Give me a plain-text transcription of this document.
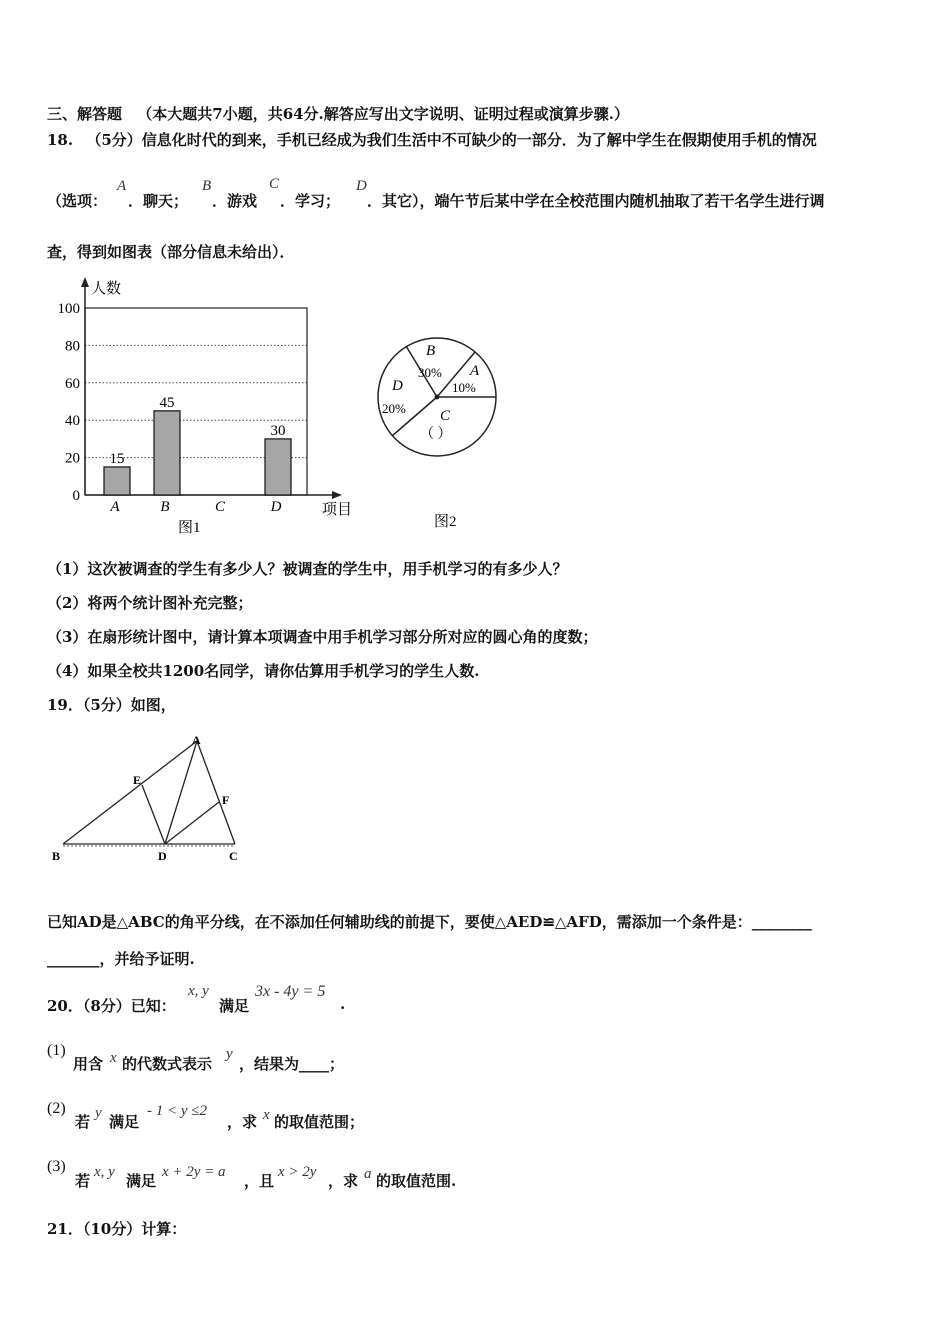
三、解答题 （本大题共7小题，共64分.解答应写出文字说明、证明过程或演算步骤.）
18. （5分）信息化时代的到来，手机已经成为我们生活中不可缺少的一部分．为了解中学生在假期使用手机的情况
（选项：
A
．聊天；
B
．游戏
C
．学习；
D
．其它），端午节后某中学在全校范围内随机抽取了若干名学生进行调
查，得到如图表（部分信息未给出）．
0
20
40
60
80
100
15
45
30
A	B	C	D
人数
项目
图1
B
30% A
10%
D
20% C
（ ）
图2
（1）这次被调查的学生有多少人？被调查的学生中，用手机学习的有多少人？
（2）将两个统计图补充完整；
（3）在扇形统计图中，请计算本项调查中用手机学习部分所对应的圆心角的度数；
（4）如果全校共1200名同学，请你估算用手机学习的学生人数.
19．（5分）如图，
A
E
F
B	D	C
已知AD是△ABC的角平分线，在不添加任何辅助线的前提下，要使△AED≌△AFD，需添加一个条件是：________
_______，并给予证明.
20．（8分）已知：
x, y
满足
3x - 4y = 5
.
(1)
用含 x 的代数式表示
y
，结果为____；
(2)
若 y 满足
- 1 < y ≤2
，求 x 的取值范围；
(3)
若 x, y 满足 x + 2y = a ，且 x > 2y ，求 a 的取值范围.
21．（10分）计算：
